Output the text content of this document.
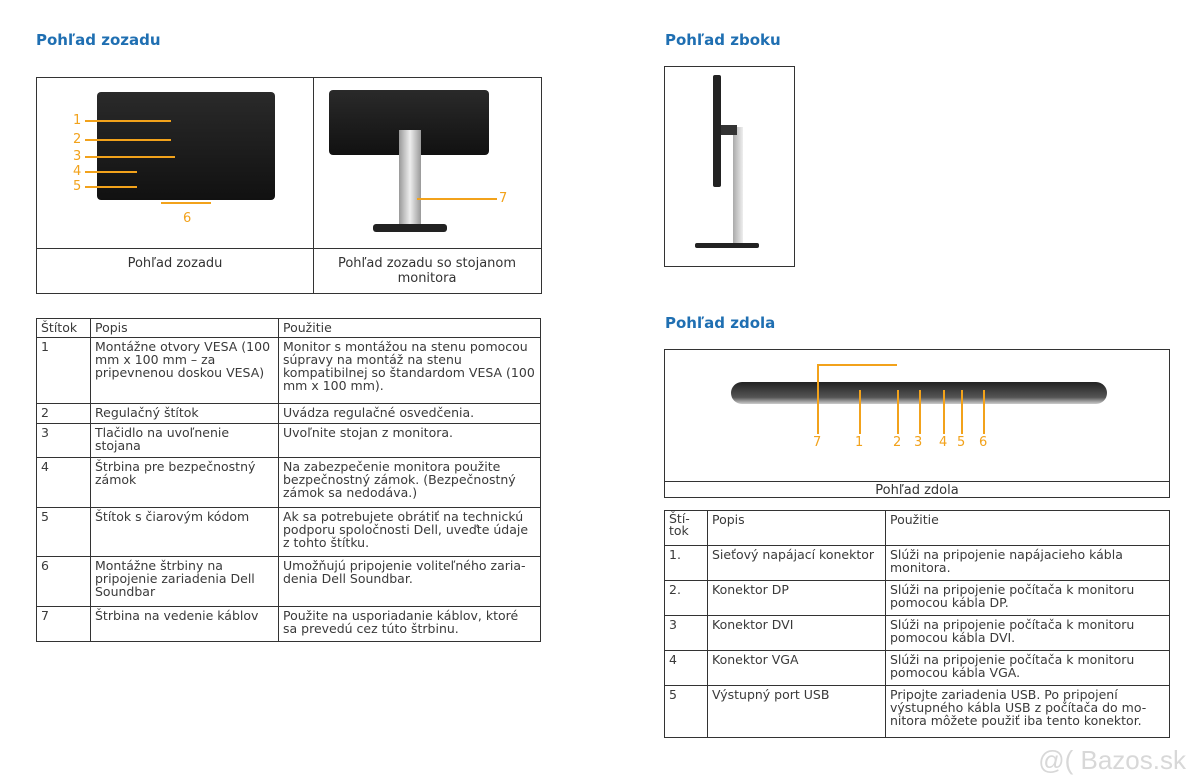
Pohľad zozadu
7
1
2
3
4
5
6
Pohľad zozadu	Pohľad zozadu so stojanom monitora
Štítok	Popis	Použitie
1	Montážne otvory VESA (100 mm x 100 mm – za pripevnenou doskou VESA)	Monitor s montážou na stenu pomocou súpravy na montáž na stenu kompatibilnej so štandardom VESA (100 mm x 100 mm).
2	Regulačný štítok	Uvádza regulačné osvedčenia.
3	Tlačidlo na uvoľnenie stojana	Uvoľnite stojan z monitora.
4	Štrbina pre bezpečnostný zámok	Na zabezpečenie monitora použite bezpečnostný zámok. (Bezpečnostný zámok sa nedodáva.)
5	Štítok s čiarovým kódom	Ak sa potrebujete obrátiť na technickú podporu spoločnosti Dell, uveďte údaje z tohto štítku.
6	Montážne štrbiny na pripojenie zariadenia Dell Soundbar	Umožňujú pripojenie voliteľného zaria-denia Dell Soundbar.
7	Štrbina na vedenie káblov	Použite na usporiadanie káblov, ktoré sa prevedú cez túto štrbinu.
Pohľad zboku
Pohľad zdola
7	1 2 3 4 5 6
Pohľad zdola
Ští-tok	Popis	Použitie
1.	Sieťový napájací konektor	Slúži na pripojenie napájacieho kábla monitora.
2.	Konektor DP	Slúži na pripojenie počítača k monitoru pomocou kábla DP.
3	Konektor DVI	Slúži na pripojenie počítača k monitoru pomocou kábla DVI.
4	Konektor VGA	Slúži na pripojenie počítača k monitoru pomocou kábla VGA.
5	Výstupný port USB	Pripojte zariadenia USB. Po pripojení výstupného kábla USB z počítača do mo-nitora môžete použiť iba tento konektor.
@( Bazos.sk
